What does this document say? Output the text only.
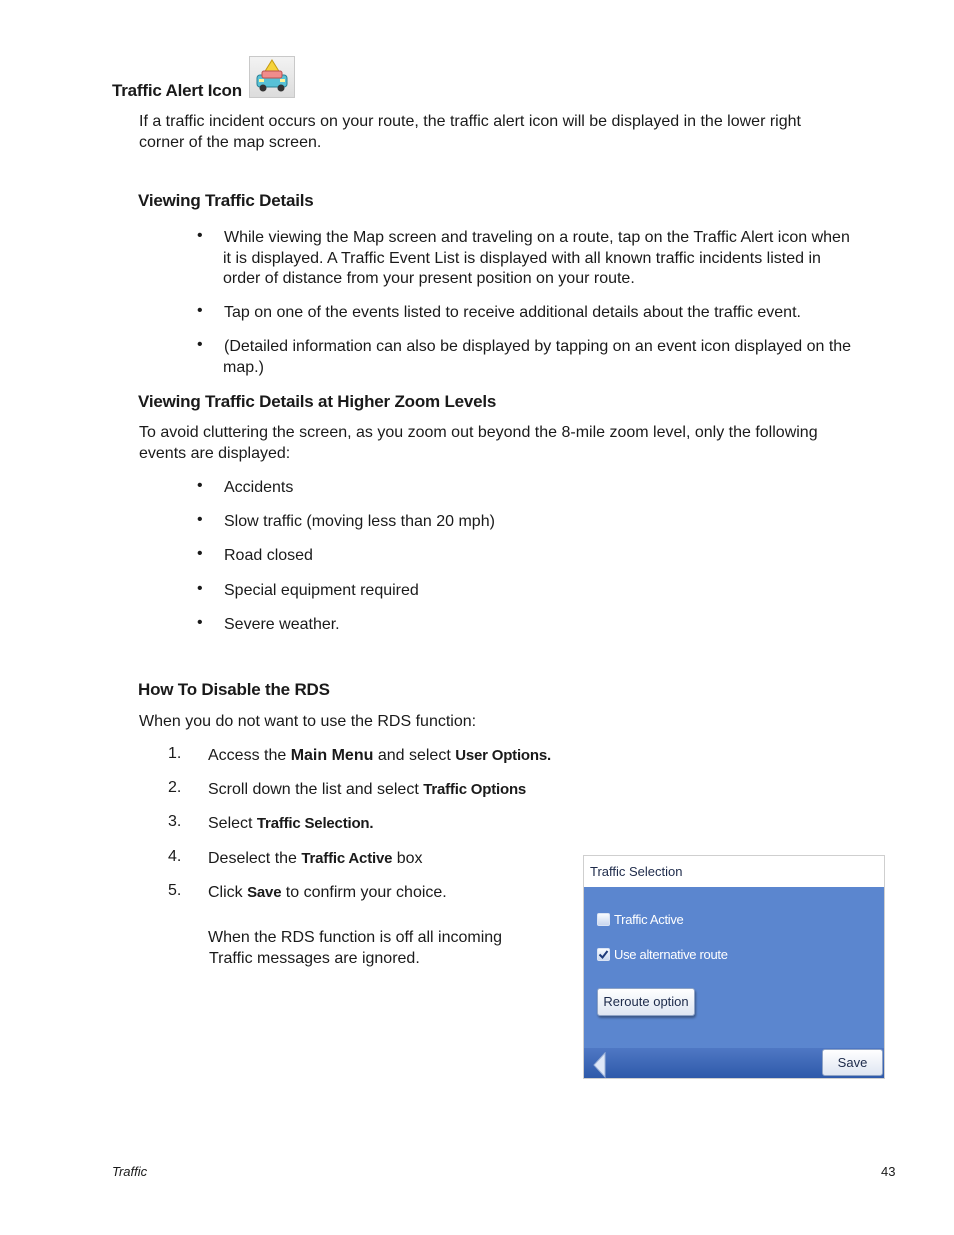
Traffic Alert Icon
If a traffic incident occurs on your route, the traffic alert icon will be displayed in the lower right
corner of the map screen.
Viewing Traffic Details
• While viewing the Map screen and traveling on a route, tap on the Traffic Alert icon when
it is displayed. A Traffic Event List is displayed with all known traffic incidents listed in
order of distance from your present position on your route.
• Tap on one of the events listed to receive additional details about the traffic event.
• (Detailed information can also be displayed by tapping on an event icon displayed on the
map.)
Viewing Traffic Details at Higher Zoom Levels
To avoid cluttering the screen, as you zoom out beyond the 8-mile zoom level, only the following
events are displayed:
• Accidents
• Slow traffic (moving less than 20 mph)
• Road closed
• Special equipment required
• Severe weather.
How To Disable the RDS
When you do not want to use the RDS function:
1. Access the Main Menu and select User Options.
2. Scroll down the list and select Traffic Options
3. Select Traffic Selection.
4. Deselect the Traffic Active box
5. Click Save to confirm your choice.
When the RDS function is off all incoming
Traffic messages are ignored.
Traffic Selection
Traffic Active
Use alternative route
Reroute option
Save
Traffic	43
